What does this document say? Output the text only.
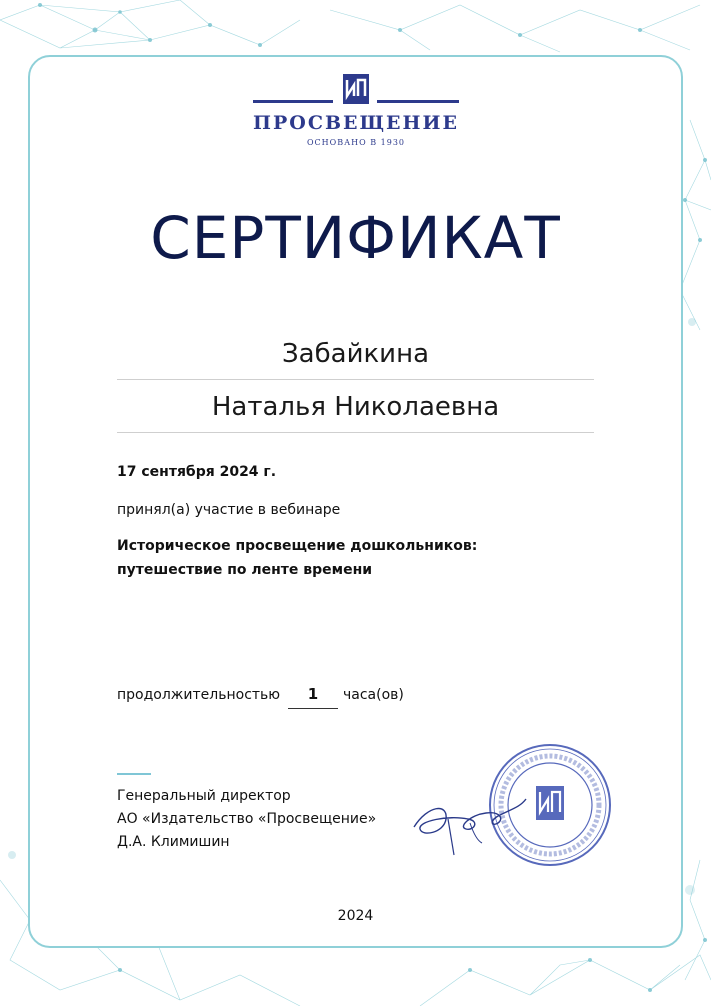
ПРОСВЕЩЕНИЕ
ОСНОВАНО В 1930
СЕРТИФИКАТ
Забайкина
Наталья Николаевна
17 сентября 2024 г.
принял(а) участие в вебинаре
Историческое просвещение дошкольников:
путешествие по ленте времени
продолжительностью	1	часа(ов)
Генеральный директор
АО «Издательство «Просвещение»
Д.А. Климишин
2024
